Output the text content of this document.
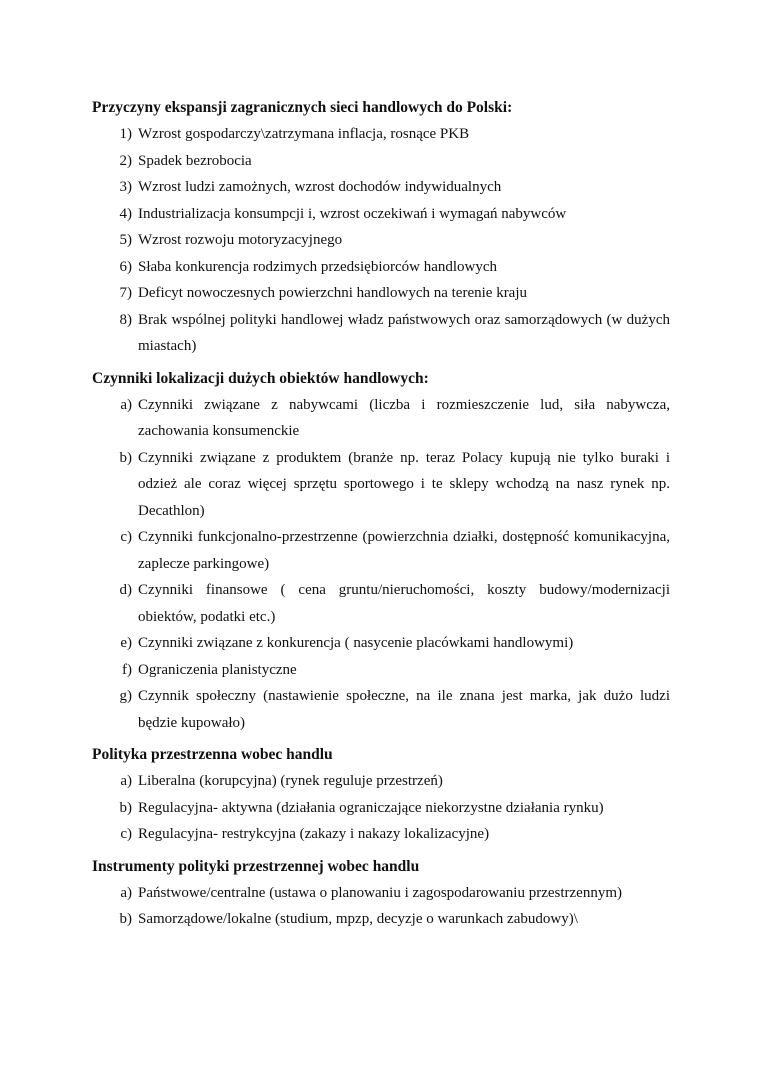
Przyczyny ekspansji zagranicznych sieci handlowych do Polski:

1) Wzrost gospodarczy\zatrzymana inflacja, rosnące PKB
2) Spadek bezrobocia
3) Wzrost ludzi zamożnych, wzrost dochodów indywidualnych
4) Industrializacja konsumpcji i, wzrost oczekiwań i wymagań nabywców
5) Wzrost rozwoju motoryzacyjnego
6) Słaba konkurencja rodzimych przedsiębiorców handlowych
7) Deficyt nowoczesnych powierzchni handlowych na terenie kraju
8) Brak wspólnej polityki handlowej władz państwowych oraz samorządowych (w dużych miastach)

Czynniki lokalizacji dużych obiektów handlowych:

a) Czynniki związane z nabywcami (liczba i rozmieszczenie lud, siła nabywcza, zachowania konsumenckie
b) Czynniki związane z produktem (branże np. teraz Polacy kupują nie tylko buraki i odzież ale coraz więcej sprzętu sportowego i te sklepy wchodzą na nasz rynek np. Decathlon)
c) Czynniki funkcjonalno-przestrzenne (powierzchnia działki, dostępność komunikacyjna, zaplecze parkingowe)
d) Czynniki finansowe ( cena gruntu/nieruchomości, koszty budowy/modernizacji obiektów, podatki etc.)
e) Czynniki związane z konkurencja ( nasycenie placówkami handlowymi)
f) Ograniczenia planistyczne
g) Czynnik społeczny (nastawienie społeczne, na ile znana jest marka, jak dużo ludzi będzie kupowało)

Polityka przestrzenna wobec handlu

a) Liberalna (korupcyjna) (rynek reguluje przestrzeń)
b) Regulacyjna- aktywna (działania ograniczające niekorzystne działania rynku)
c) Regulacyjna- restrykcyjna (zakazy i nakazy lokalizacyjne)

Instrumenty polityki przestrzennej wobec handlu

a) Państwowe/centralne (ustawa o planowaniu i zagospodarowaniu przestrzennym)
b) Samorządowe/lokalne (studium, mpzp, decyzje o warunkach zabudowy)\
